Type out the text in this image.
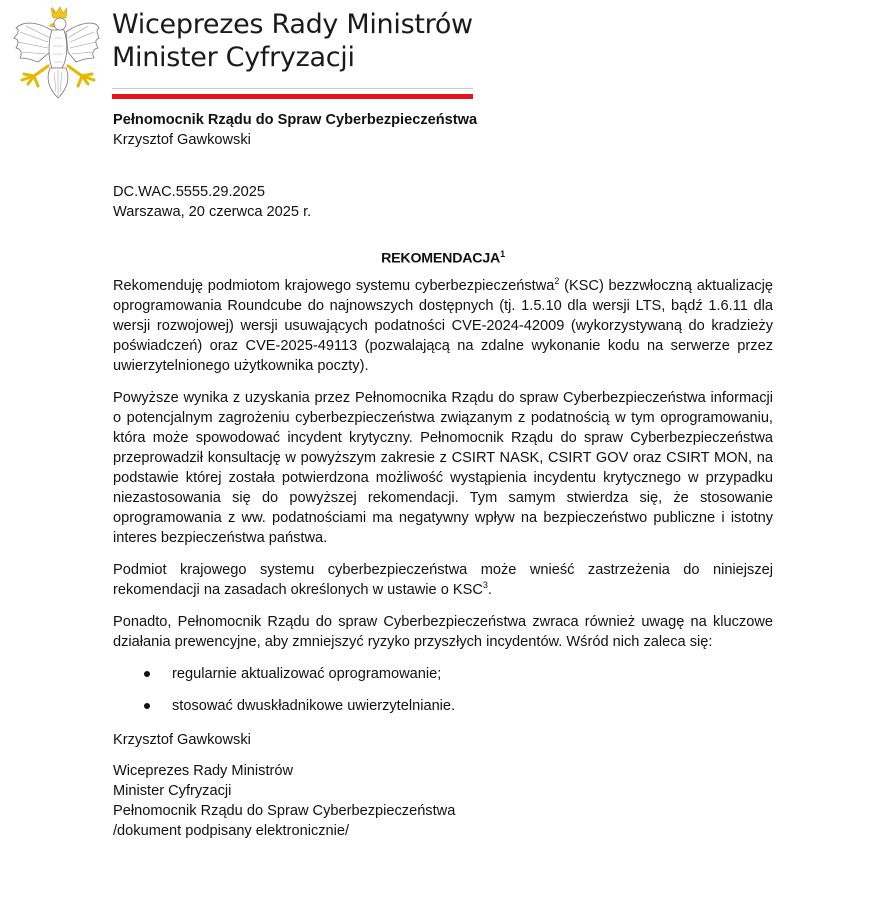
Wiceprezes Rady Ministrów
Minister Cyfryzacji
Pełnomocnik Rządu do Spraw Cyberbezpieczeństwa
Krzysztof Gawkowski
DC.WAC.5555.29.2025
Warszawa, 20 czerwca 2025 r.
REKOMENDACJA$^1$

Rekomenduję podmiotom krajowego systemu cyberbezpieczeństwa$^2$ (KSC) bezzwłoczną aktualizację oprogramowania Roundcube do najnowszych dostępnych (tj. 1.5.10 dla wersji LTS, bądź 1.6.11 dla wersji rozwojowej) wersji usuwających podatności CVE-2024-42009 (wykorzystywaną do kradzieży poświadczeń) oraz CVE-2025-49113 (pozwalającą na zdalne wykonanie kodu na serwerze przez uwierzytelnionego użytkownika poczty).

Powyższe wynika z uzyskania przez Pełnomocnika Rządu do spraw Cyberbezpieczeństwa informacji o potencjalnym zagrożeniu cyberbezpieczeństwa związanym z podatnością w tym oprogramowaniu, która może spowodować incydent krytyczny. Pełnomocnik Rządu do spraw Cyberbezpieczeństwa przeprowadził konsultację w powyższym zakresie z CSIRT NASK, CSIRT GOV oraz CSIRT MON, na podstawie której została potwierdzona możliwość wystąpienia incydentu krytycznego w przypadku niezastosowania się do powyższej rekomendacji. Tym samym stwierdza się, że stosowanie oprogramowania z ww. podatnościami ma negatywny wpływ na bezpieczeństwo publiczne i istotny interes bezpieczeństwa państwa.

Podmiot krajowego systemu cyberbezpieczeństwa może wnieść zastrzeżenia do niniejszej rekomendacji na zasadach określonych w ustawie o KSC$^3$.

Ponadto, Pełnomocnik Rządu do spraw Cyberbezpieczeństwa zwraca również uwagę na kluczowe działania prewencyjne, aby zmniejszyć ryzyko przyszłych incydentów. Wśród nich zaleca się:

regularnie aktualizować oprogramowanie;
stosować dwuskładnikowe uwierzytelnianie.
Krzysztof Gawkowski
Wiceprezes Rady Ministrów
Minister Cyfryzacji
Pełnomocnik Rządu do Spraw Cyberbezpieczeństwa
/dokument podpisany elektronicznie/
